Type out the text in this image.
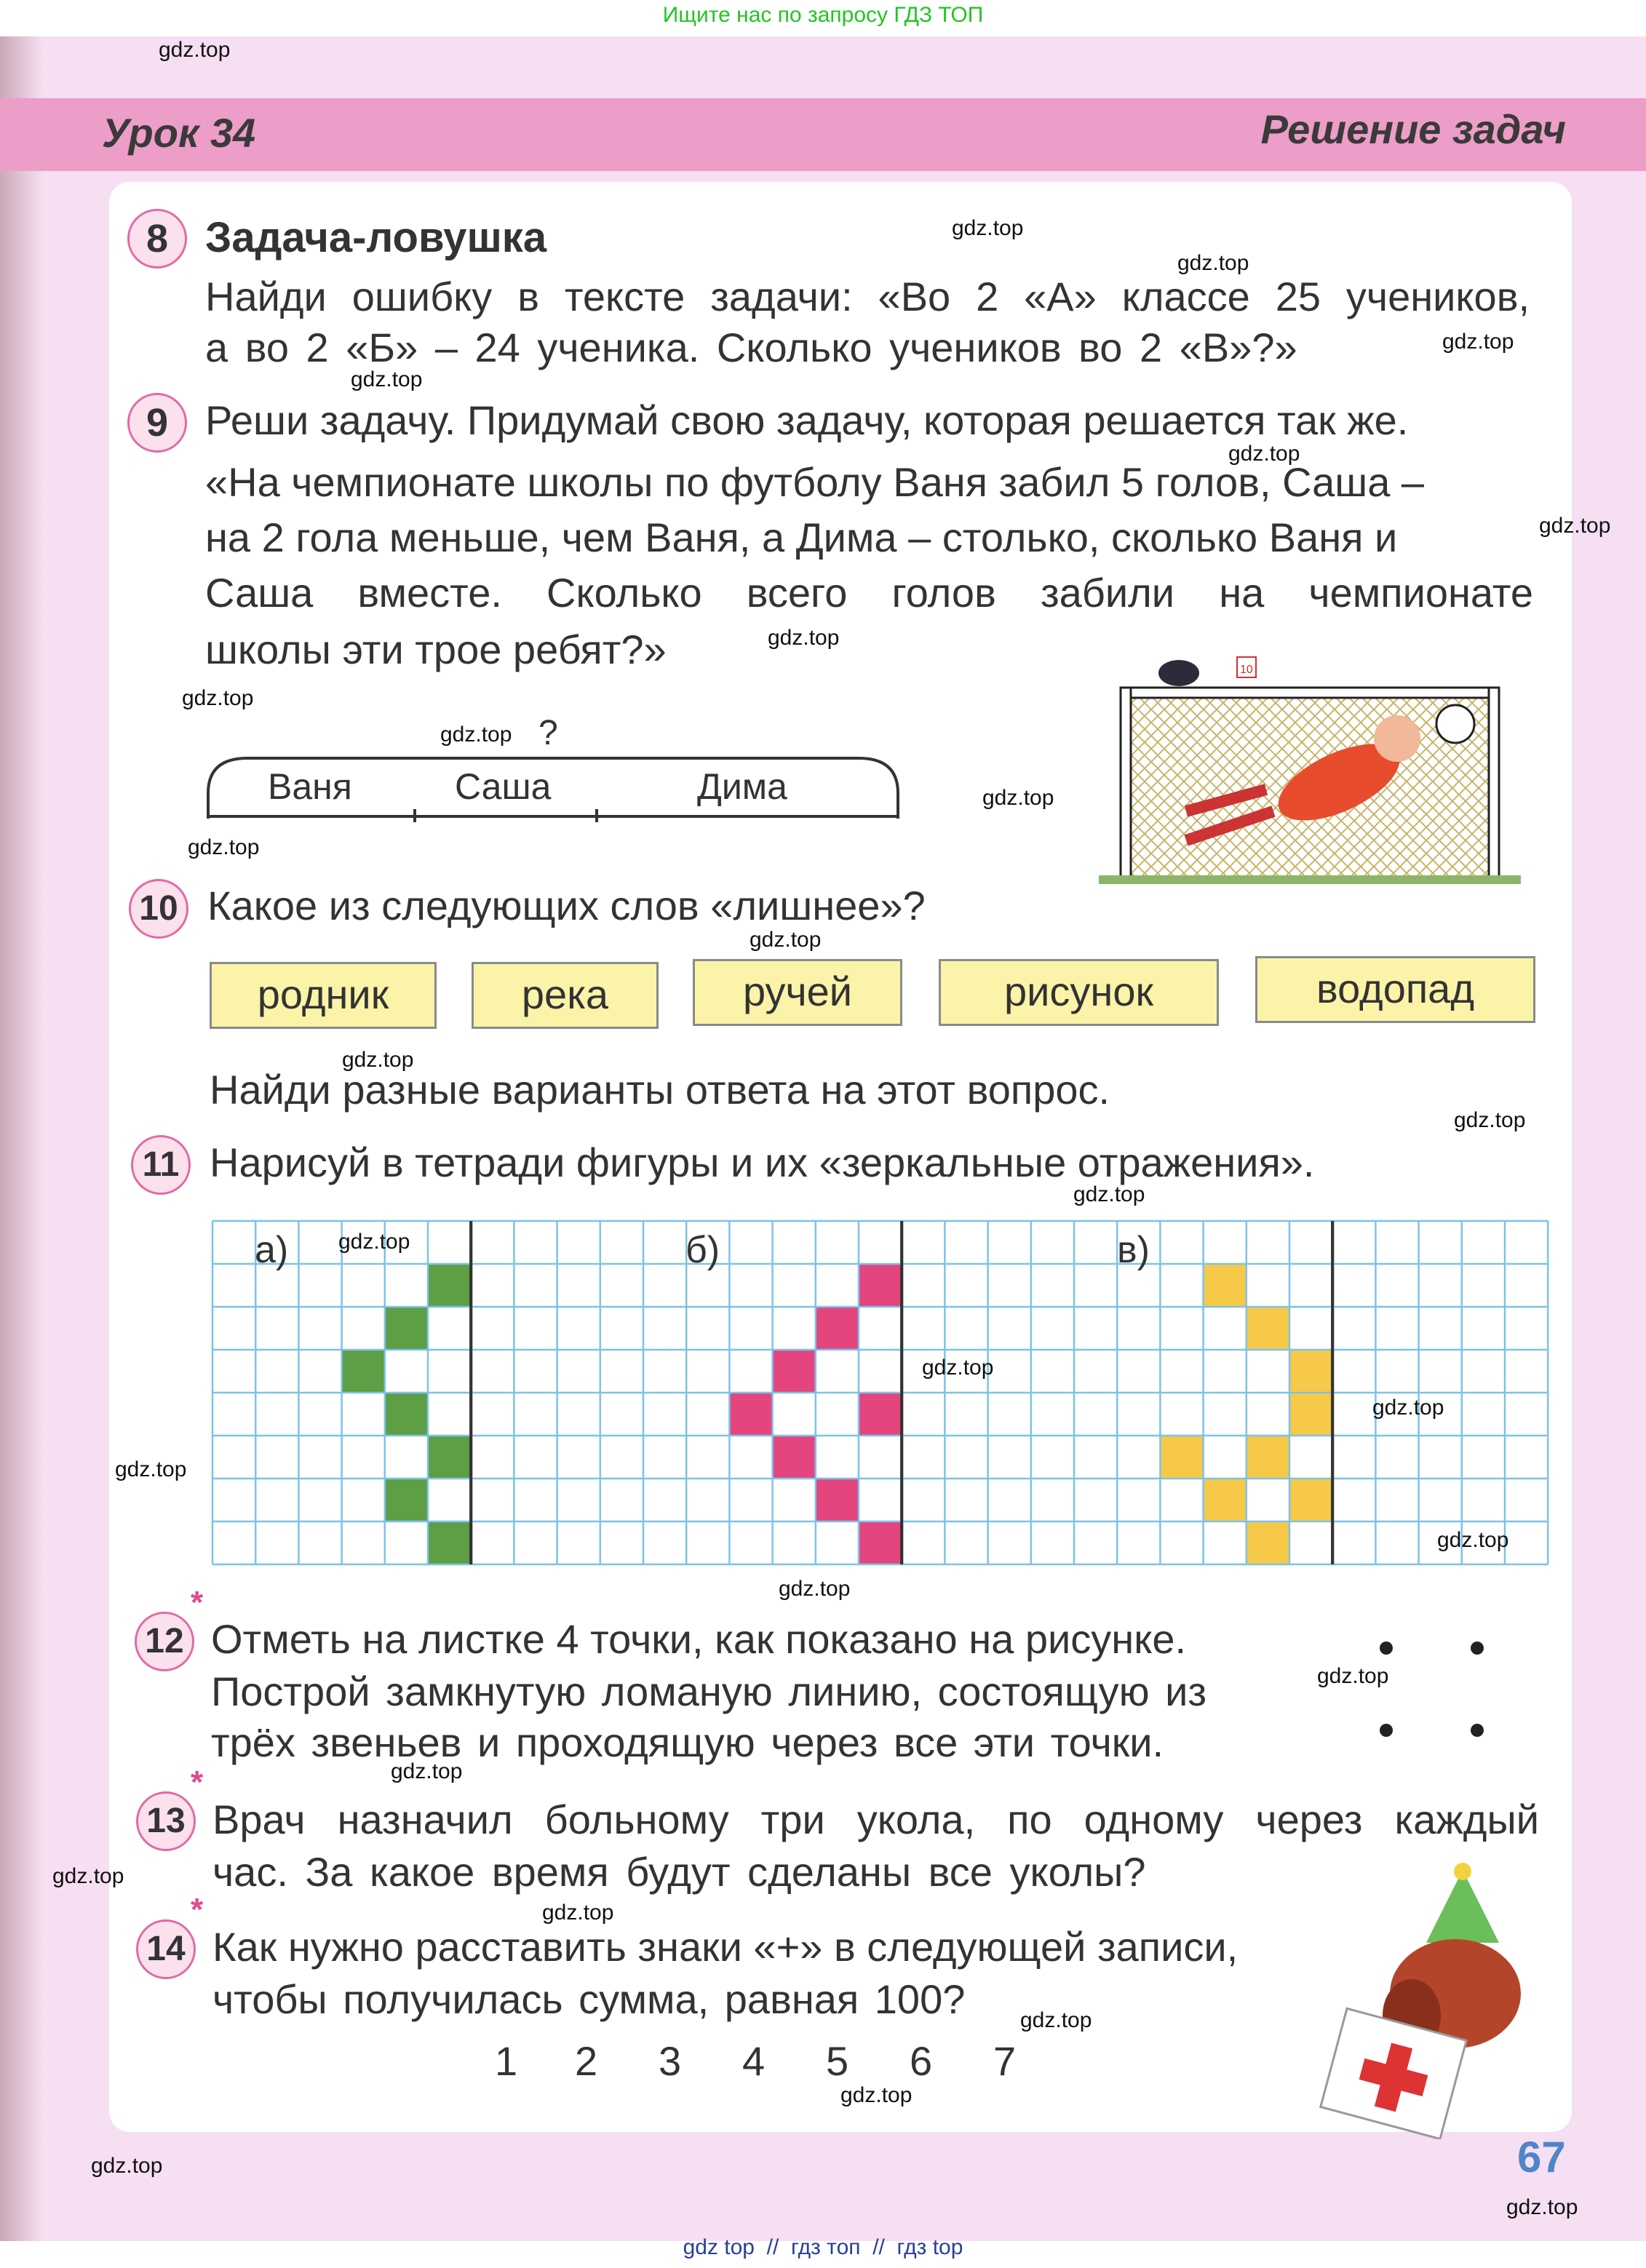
Ищите нас по запросу ГДЗ ТОП
Урок 34	Решение задач
8 Задача-ловушка
Найди ошибку в тексте задачи: «Во 2 «А» классе 25 учеников,
а во 2 «Б» – 24 ученика. Сколько учеников во 2 «В»?»
9 Реши задачу. Придумай свою задачу, которая решается так же.
«На чемпионате школы по футболу Ваня забил 5 голов, Саша –
на 2 гола меньше, чем Ваня, а Дима – столько, сколько Ваня и
Саша вместе. Сколько всего голов забили на чемпионате
школы эти трое ребят?»
?
Ваня	Саша	Дима
10
10 Какое из следующих слов «лишнее»?
родник	река	ручей	рисунок	водопад
Найди разные варианты ответа на этот вопрос.
11 Нарисуй в тетради фигуры и их «зеркальные отражения».
а)	б)	в)
12
*
Отметь на листке 4 точки, как показано на рисунке.
Построй замкнутую ломаную линию, состоящую из
трёх звеньев и проходящую через все эти точки.
13
*
Врач назначил больному три укола, по одному через каждый
час. За какое время будут сделаны все уколы?
14
*
Как нужно расставить знаки «+» в следующей записи,
чтобы получилась сумма, равная 100?
1 2 3 4 5 6 7
67
gdz top  //  гдз топ  //  гдз top
gdz.top
gdz.top
gdz.top
gdz.top
gdz.top
gdz.top
gdz.top
gdz.top
gdz.top
gdz.top
gdz.top
gdz.top
gdz.top
gdz.top
gdz.top
gdz.top
gdz.top
gdz.top
gdz.top
gdz.top
gdz.top
gdz.top
gdz.top
gdz.top
gdz.top
gdz.top
gdz.top
gdz.top
gdz.top
gdz.top
